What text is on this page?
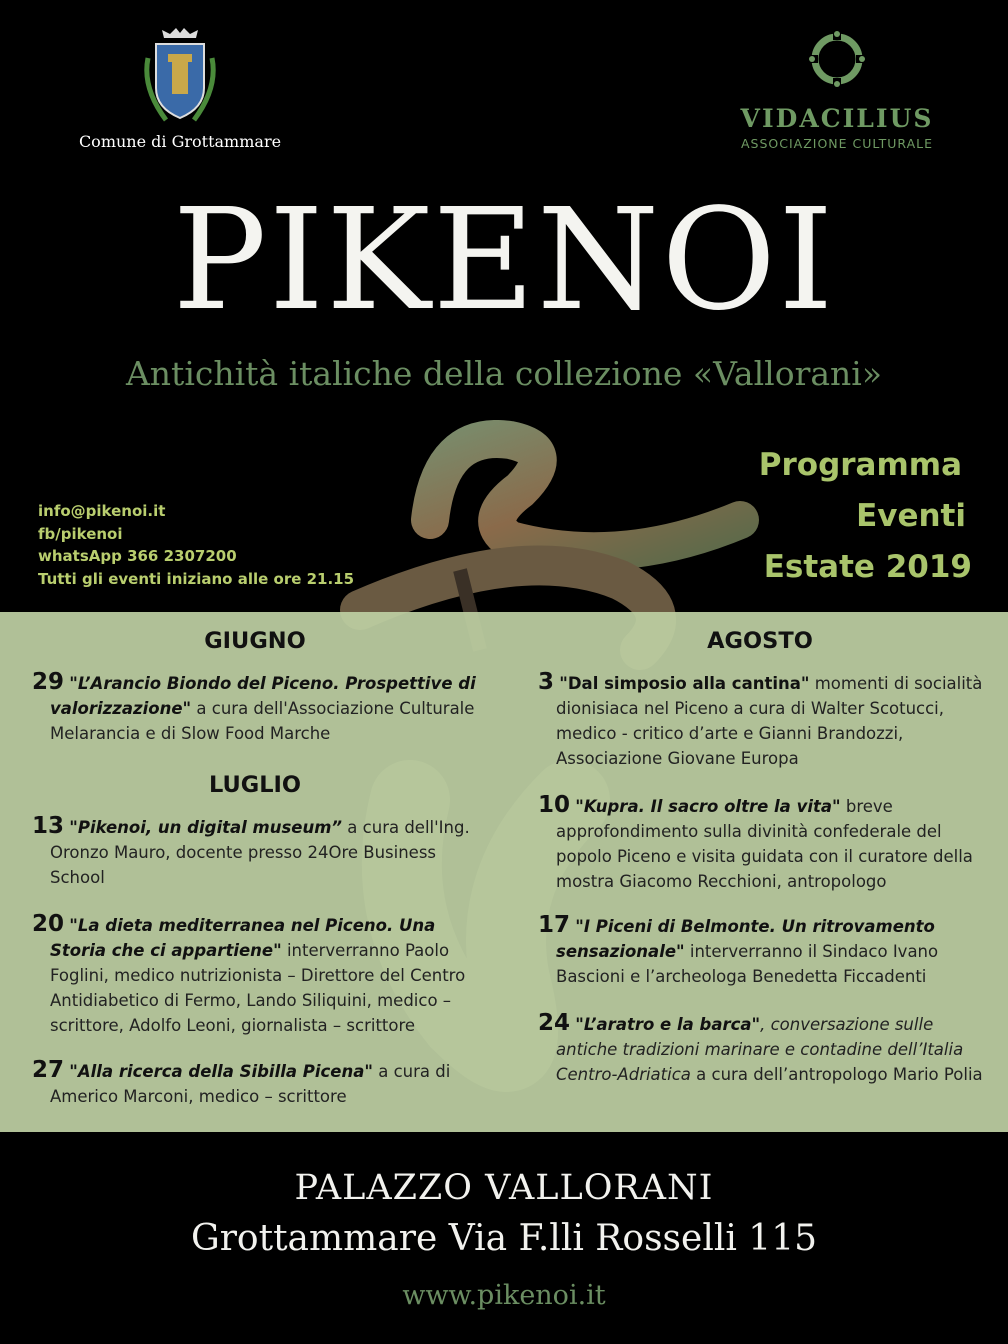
Comune di Grottammare
VIDACILIUS
ASSOCIAZIONE CULTURALE
PIKENOI
Antichità italiche della collezione «Vallorani»
info@pikenoi.it
fb/pikenoi
whatsApp 366 2307200
Tutti gli eventi iniziano alle ore 21.15
Programma
Eventi
Estate 2019
GIUGNO

29 "L’Arancio Biondo del Piceno. Prospettive di valorizzazione" a cura dell'Associazione Culturale Melarancia e di Slow Food Marche

LUGLIO

13 "Pikenoi, un digital museum” a cura dell'Ing. Oronzo Mauro, docente presso 24Ore Business School

20 "La dieta mediterranea nel Piceno. Una Storia che ci appartiene" interverranno Paolo Foglini, medico nutrizionista – Direttore del Centro Antidiabetico di Fermo, Lando Siliquini, medico – scrittore, Adolfo Leoni, giornalista – scrittore

27 "Alla ricerca della Sibilla Picena" a cura di Americo Marconi, medico – scrittore

AGOSTO

3 "Dal simposio alla cantina" momenti di socialità dionisiaca nel Piceno a cura di Walter Scotucci, medico - critico d’arte e Gianni Brandozzi, Associazione Giovane Europa

10 "Kupra. Il sacro oltre la vita" breve approfondimento sulla divinità confederale del popolo Piceno e visita guidata con il curatore della mostra Giacomo Recchioni, antropologo

17 "I Piceni di Belmonte. Un ritrovamento sensazionale" interverranno il Sindaco Ivano Bascioni e l’archeologa Benedetta Ficcadenti

24 "L’aratro e la barca", conversazione sulle antiche tradizioni marinare e contadine dell’Italia Centro-Adriatica a cura dell’antropologo Mario Polia

PALAZZO VALLORANI
Grottammare Via F.lli Rosselli 115
www.pikenoi.it
